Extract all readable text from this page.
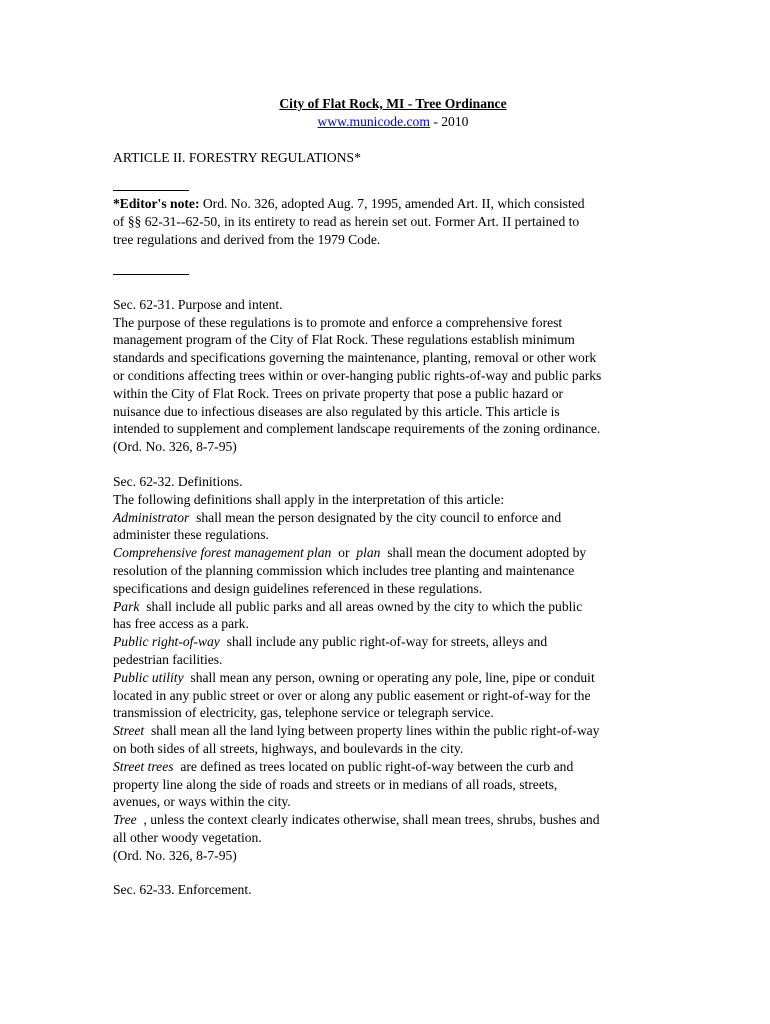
City of Flat Rock, MI - Tree Ordinance
www.municode.com - 2010
ARTICLE II. FORESTRY REGULATIONS*
*Editor's note: Ord. No. 326, adopted Aug. 7, 1995, amended Art. II, which consisted
of §§ 62-31--62-50, in its entirety to read as herein set out. Former Art. II pertained to
tree regulations and derived from the 1979 Code.
Sec. 62-31. Purpose and intent.
The purpose of these regulations is to promote and enforce a comprehensive forest
management program of the City of Flat Rock. These regulations establish minimum
standards and specifications governing the maintenance, planting, removal or other work
or conditions affecting trees within or over-hanging public rights-of-way and public parks
within the City of Flat Rock. Trees on private property that pose a public hazard or
nuisance due to infectious diseases are also regulated by this article. This article is
intended to supplement and complement landscape requirements of the zoning ordinance.
(Ord. No. 326, 8-7-95)
Sec. 62-32. Definitions.
The following definitions shall apply in the interpretation of this article:
Administrator  shall mean the person designated by the city council to enforce and
administer these regulations.
Comprehensive forest management plan  or  plan  shall mean the document adopted by
resolution of the planning commission which includes tree planting and maintenance
specifications and design guidelines referenced in these regulations.
Park  shall include all public parks and all areas owned by the city to which the public
has free access as a park.
Public right-of-way  shall include any public right-of-way for streets, alleys and
pedestrian facilities.
Public utility  shall mean any person, owning or operating any pole, line, pipe or conduit
located in any public street or over or along any public easement or right-of-way for the
transmission of electricity, gas, telephone service or telegraph service.
Street  shall mean all the land lying between property lines within the public right-of-way
on both sides of all streets, highways, and boulevards in the city.
Street trees  are defined as trees located on public right-of-way between the curb and
property line along the side of roads and streets or in medians of all roads, streets,
avenues, or ways within the city.
Tree  , unless the context clearly indicates otherwise, shall mean trees, shrubs, bushes and
all other woody vegetation.
(Ord. No. 326, 8-7-95)
Sec. 62-33. Enforcement.
